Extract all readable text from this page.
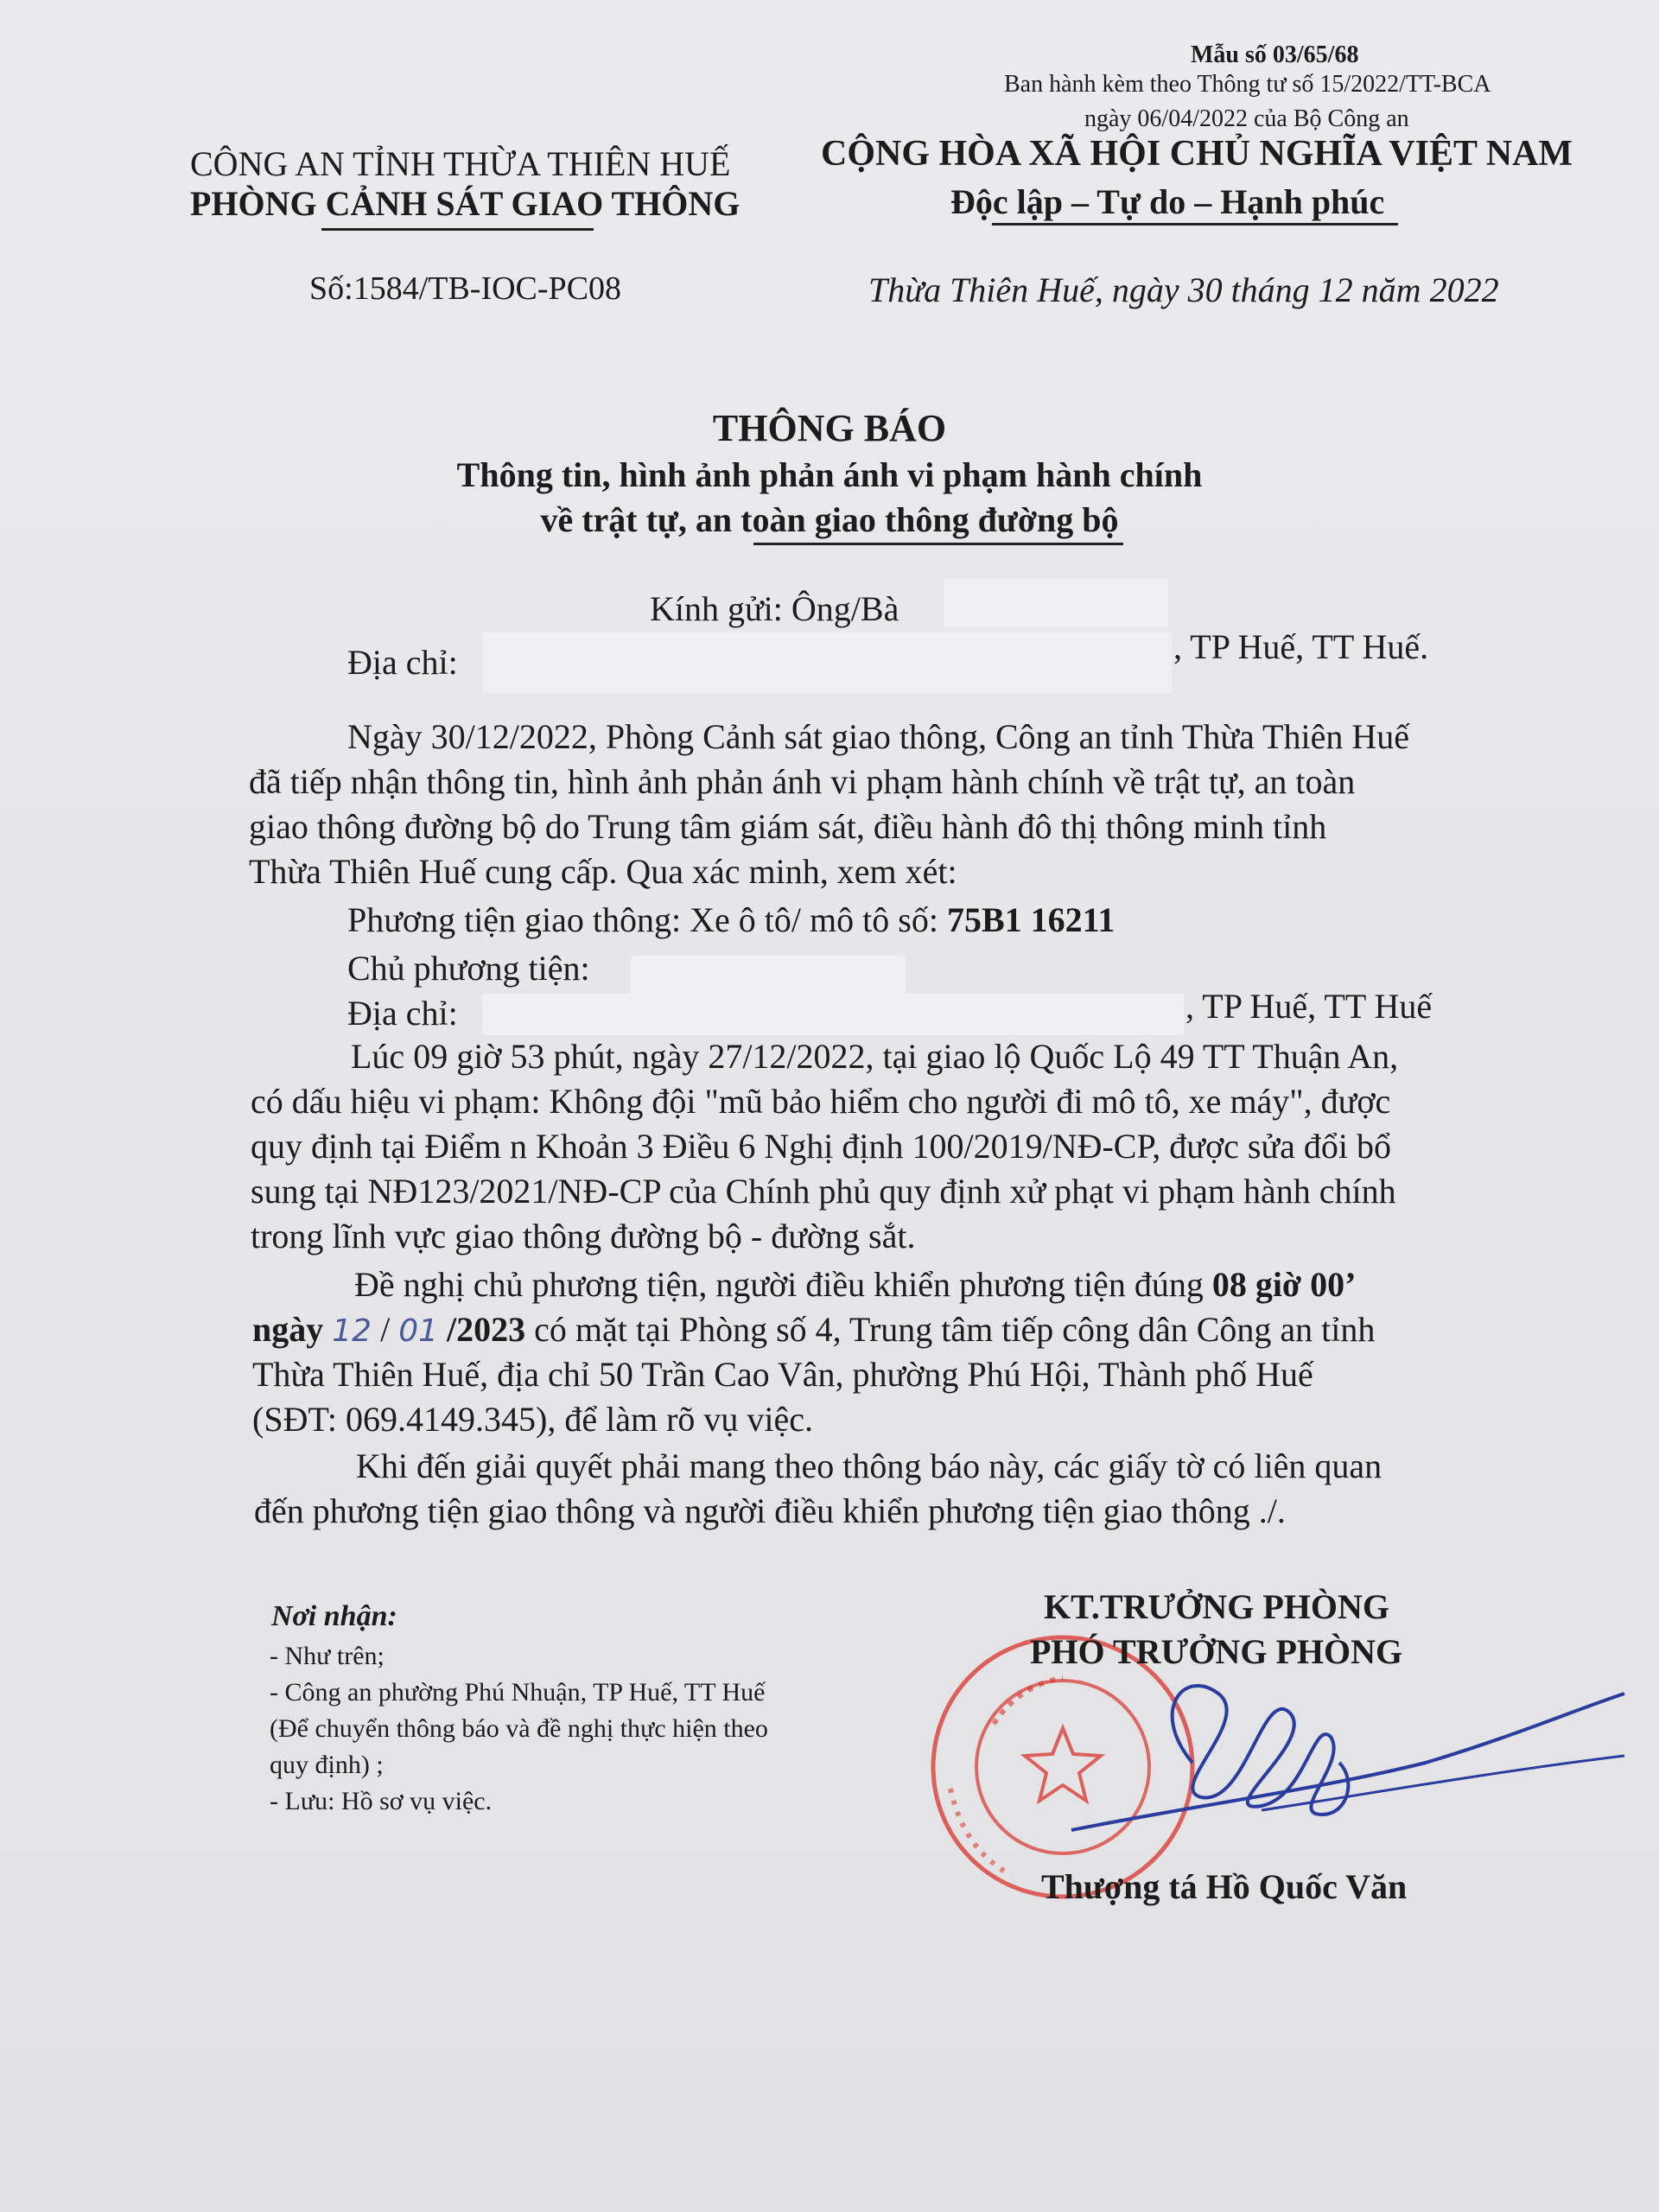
Mẫu số 03/65/68
Ban hành kèm theo Thông tư số 15/2022/TT-BCA
ngày 06/04/2022 của Bộ Công an
CÔNG AN TỈNH THỪA THIÊN HUẾ
PHÒNG CẢNH SÁT GIAO THÔNG
CỘNG HÒA XÃ HỘI CHỦ NGHĨA VIỆT NAM
Độc lập – Tự do – Hạnh phúc
Số:1584/TB-IOC-PC08	Thừa Thiên Huế, ngày 30 tháng 12 năm 2022
THÔNG BÁO
Thông tin, hình ảnh phản ánh vi phạm hành chính
về trật tự, an toàn giao thông đường bộ
Kính gửi: Ông/Bà
Địa chỉ:	, TP Huế, TT Huế.
Ngày 30/12/2022, Phòng Cảnh sát giao thông, Công an tỉnh Thừa Thiên Huế
đã tiếp nhận thông tin, hình ảnh phản ánh vi phạm hành chính về trật tự, an toàn
giao thông đường bộ do Trung tâm giám sát, điều hành đô thị thông minh tỉnh
Thừa Thiên Huế cung cấp. Qua xác minh, xem xét:
Phương tiện giao thông: Xe ô tô/ mô tô số: 75B1 16211
Chủ phương tiện:
Địa chỉ:	, TP Huế, TT Huế
Lúc 09 giờ 53 phút, ngày 27/12/2022, tại giao lộ Quốc Lộ 49 TT Thuận An,
có dấu hiệu vi phạm: Không đội "mũ bảo hiểm cho người đi mô tô, xe máy", được
quy định tại Điểm n Khoản 3 Điều 6 Nghị định 100/2019/NĐ-CP, được sửa đổi bổ
sung tại NĐ123/2021/NĐ-CP của Chính phủ quy định xử phạt vi phạm hành chính
trong lĩnh vực giao thông đường bộ - đường sắt.
Đề nghị chủ phương tiện, người điều khiển phương tiện đúng 08 giờ 00’
ngày 12 / 01 /2023 có mặt tại Phòng số 4, Trung tâm tiếp công dân Công an tỉnh
Thừa Thiên Huế, địa chỉ 50 Trần Cao Vân, phường Phú Hội, Thành phố Huế
(SĐT: 069.4149.345), để làm rõ vụ việc.
Khi đến giải quyết phải mang theo thông báo này, các giấy tờ có liên quan
đến phương tiện giao thông và người điều khiển phương tiện giao thông ./.
Nơi nhận:
- Như trên;
- Công an phường Phú Nhuận, TP Huế, TT Huế
(Để chuyển thông báo và đề nghị thực hiện theo
quy định) ;
- Lưu: Hồ sơ vụ việc.
KT.TRƯỞNG PHÒNG
PHÓ TRƯỞNG PHÒNG
Thượng tá Hồ Quốc Văn
